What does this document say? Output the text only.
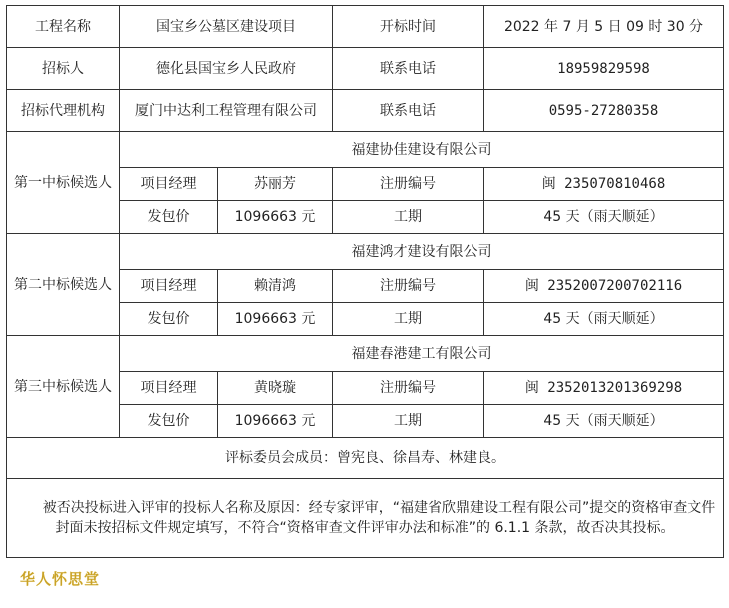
工程名称	国宝乡公墓区建设项目		开标时间	2022 年 7 月 5 日 09 时 30 分
招标人	德化县国宝乡人民政府		联系电话	18959829598
招标代理机构	厦门中达利工程管理有限公司		联系电话	0595-27280358
第一中标候选人	福建协佳建设有限公司			
	项目经理	苏丽芳	注册编号	闽 235070810468
	发包价	1096663 元	工期	45 天（雨天顺延）
第二中标候选人	福建鸿才建设有限公司			
	项目经理	赖清鸿	注册编号	闽 2352007200702116
	发包价	1096663 元	工期	45 天（雨天顺延）
第三中标候选人	福建春港建工有限公司			
	项目经理	黄晓璇	注册编号	闽 2352013201369298
	发包价	1096663 元	工期	45 天（雨天顺延）
评标委员会成员：曾宪良、徐昌寿、林建良。				
被否决投标进入评审的投标人名称及原因：经专家评审，“福建省欣鼎建设工程有限公司”提交的资格审查文件封面未按招标文件规定填写，不符合“资格审查文件评审办法和标准”的 6.1.1 条款，故否决其投标。				
华人怀思堂
